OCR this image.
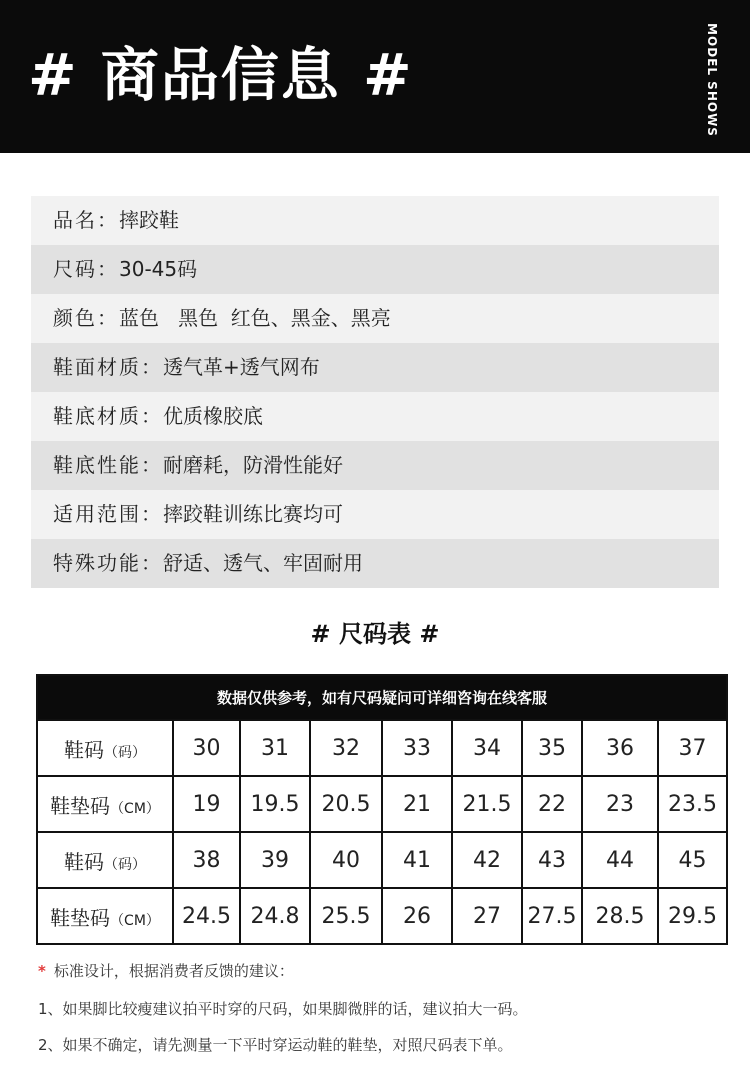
# 商品信息 #	MODEL SHOWS
品名：摔跤鞋
尺码：30-45码
颜色：蓝色   黑色  红色、黑金、黑亮
鞋面材质：透气革+透气网布
鞋底材质：优质橡胶底
鞋底性能：耐磨耗，防滑性能好
适用范围：摔跤鞋训练比赛均可
特殊功能：舒适、透气、牢固耐用
# 尺码表 #
数据仅供参考，如有尺码疑问可详细咨询在线客服								
鞋码（码）	30	31	32	33	34	35	36	37
鞋垫码（CM）	19	19.5	20.5	21	21.5	22	23	23.5
鞋码（码）	38	39	40	41	42	43	44	45
鞋垫码（CM）	24.5	24.8	25.5	26	27	27.5	28.5	29.5
* 标准设计，根据消费者反馈的建议：
1、如果脚比较瘦建议拍平时穿的尺码，如果脚微胖的话，建议拍大一码。
2、如果不确定，请先测量一下平时穿运动鞋的鞋垫，对照尺码表下单。
